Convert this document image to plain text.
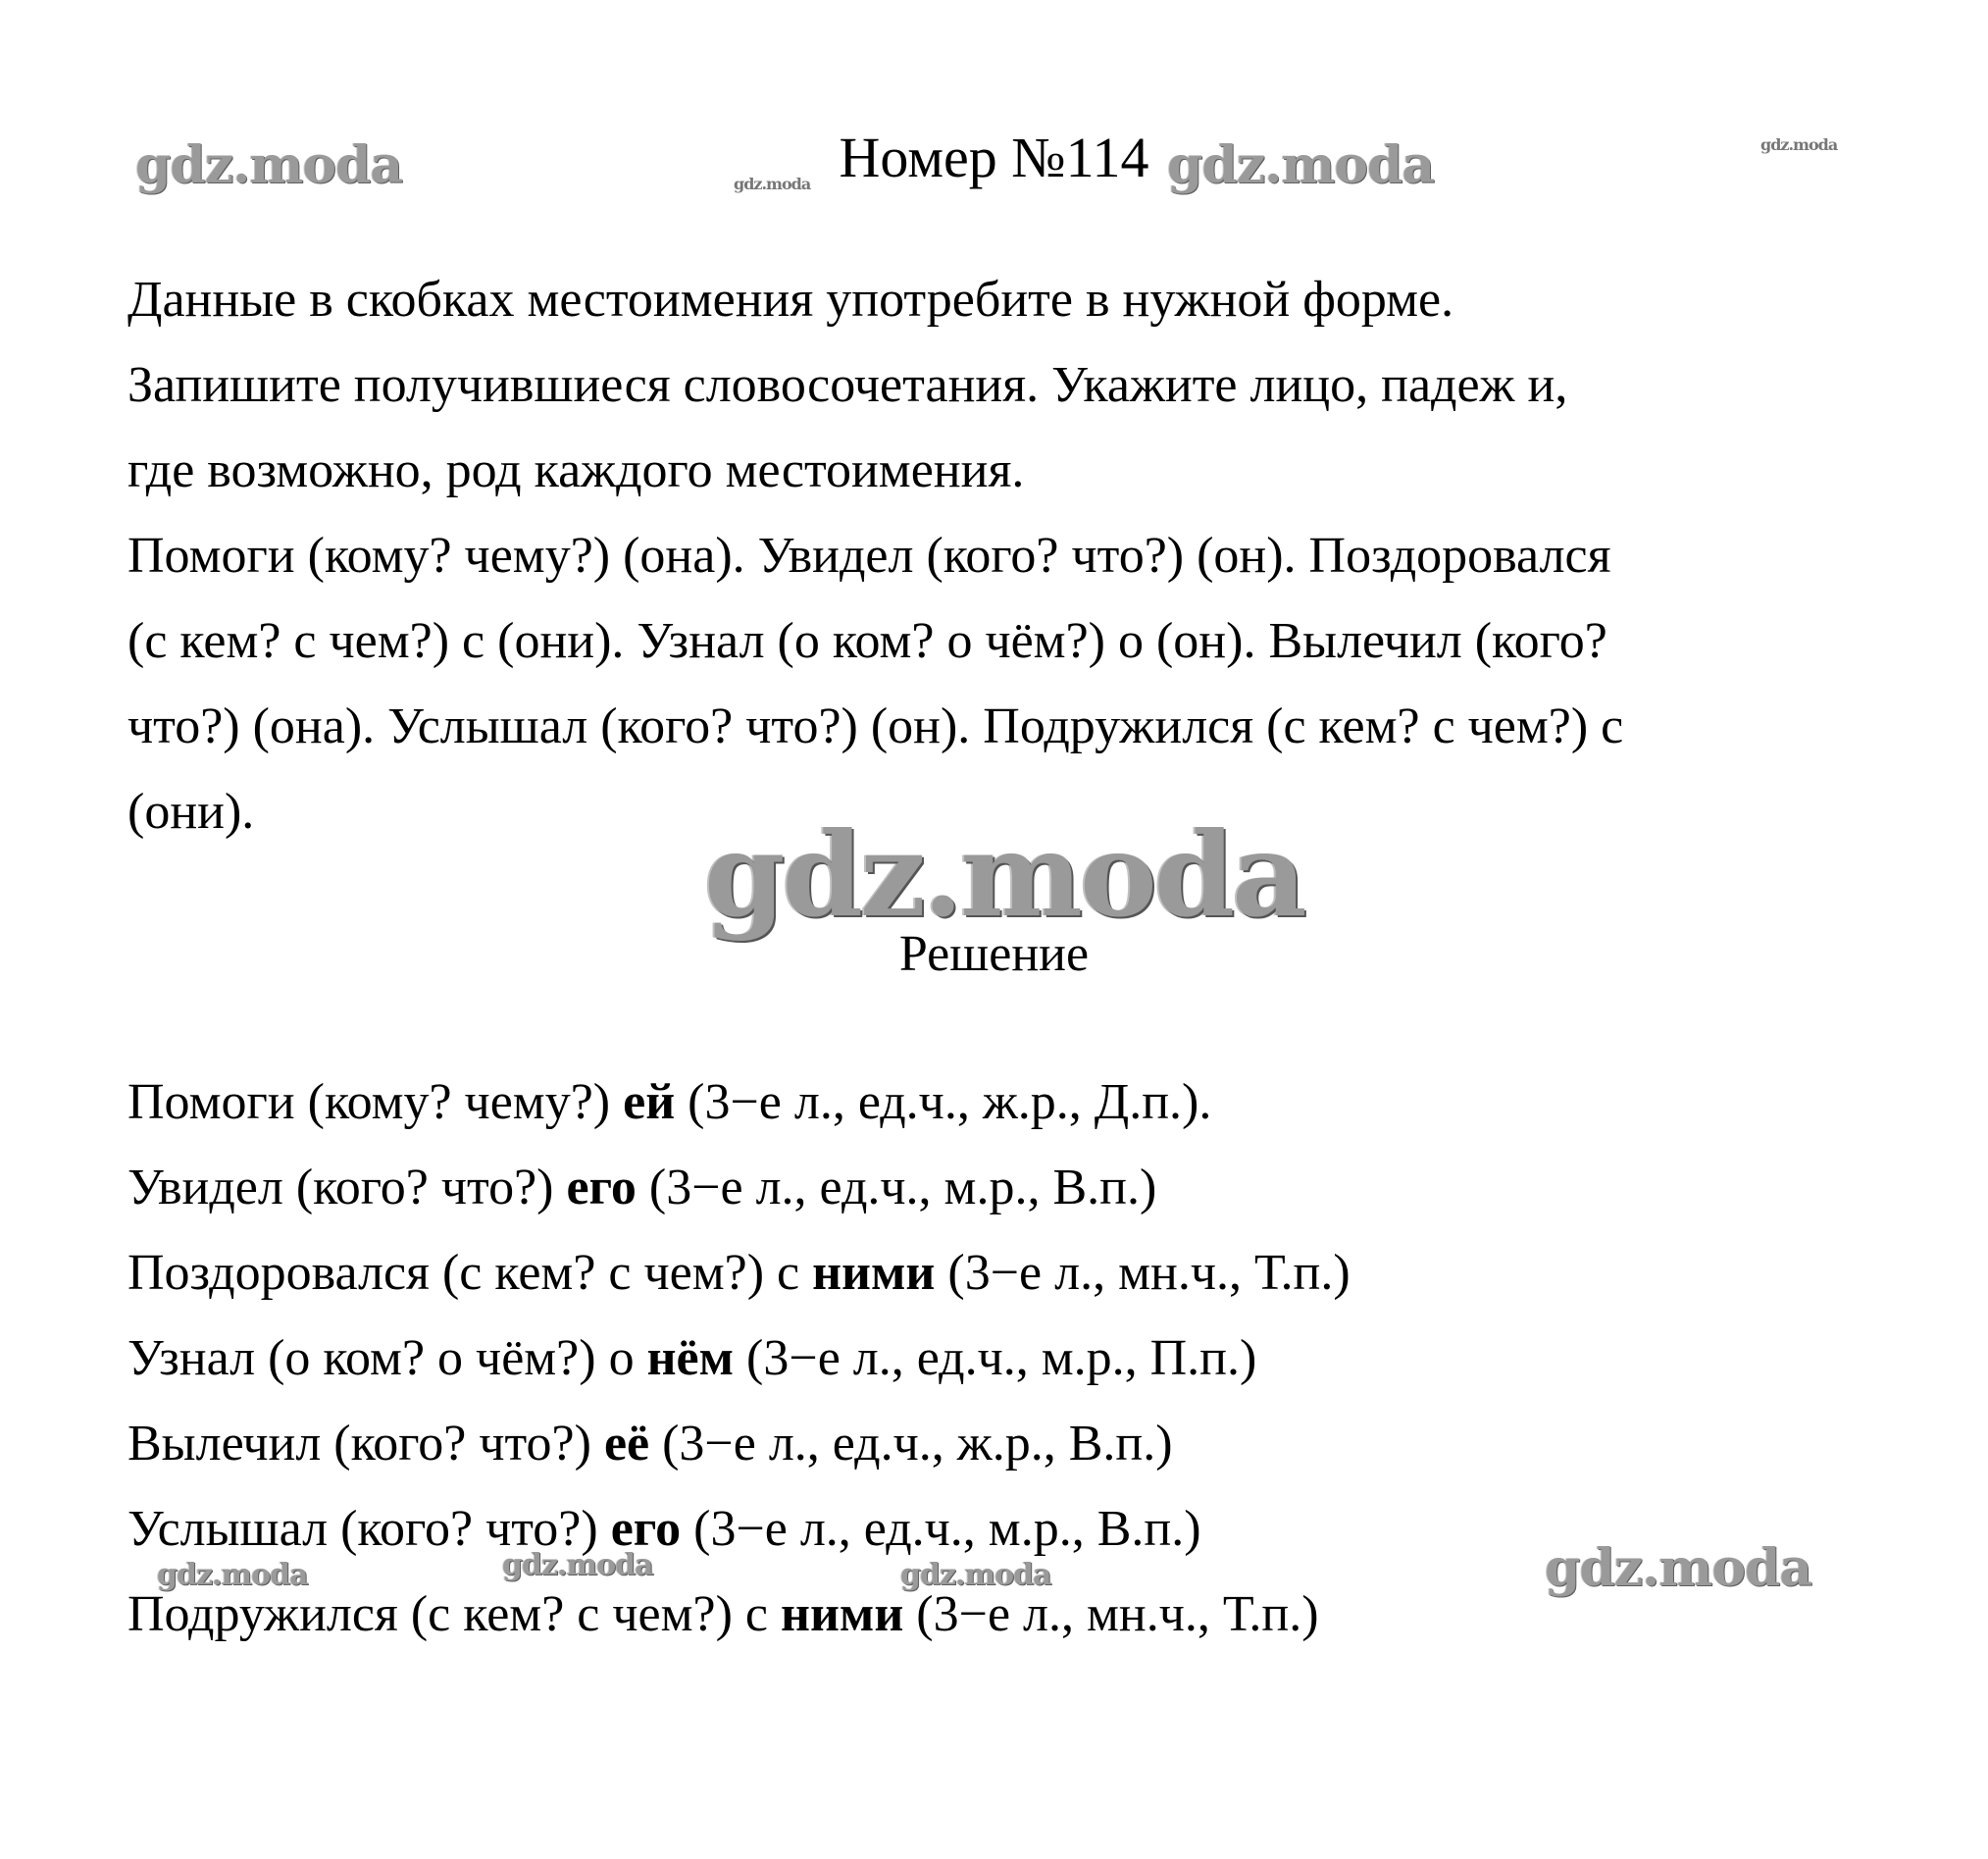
gdz.moda	gdz.moda	gdz.moda	gdz.moda
gdz.moda
gdz.moda	gdz.moda	gdz.moda	gdz.moda
Номер №114

Данные в скобках местоимения употребите в нужной форме.

Запишите получившиеся словосочетания. Укажите лицо, падеж и,

где возможно, род каждого местоимения.

Помоги (кому? чему?) (она). Увидел (кого? что?) (он). Поздоровался

(с кем? с чем?) с (они). Узнал (о ком? о чём?) о (он). Вылечил (кого?

что?) (она). Услышал (кого? что?) (он). Подружился (с кем? с чем?) с

(они).

Решение
Помоги (кому? чему?) ей (3−е л., ед.ч., ж.р., Д.п.).
Увидел (кого? что?) его (3−е л., ед.ч., м.р., В.п.)
Поздоровался (с кем? с чем?) с ними (3−е л., мн.ч., Т.п.)
Узнал (о ком? о чём?) о нём (3−е л., ед.ч., м.р., П.п.)
Вылечил (кого? что?) её (3−е л., ед.ч., ж.р., В.п.)
Услышал (кого? что?) его (3−е л., ед.ч., м.р., В.п.)
Подружился (с кем? с чем?) с ними (3−е л., мн.ч., Т.п.)
